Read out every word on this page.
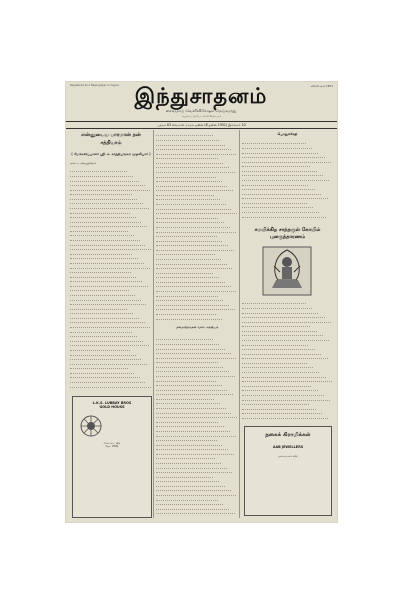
Registered as a News-paper in Ceylon இந்துசாதனம்
சைவமாய் வெளிவிசேஷம் மெய்வருது
வில்சி சதம் 1951
ஈழகைப் பிரயோ ஸாகி ஸ்தாபகம்
புத்தக 63 வைகாசி மாதம் ஜூன் (8 ஜூன் 1951) இலக்கம் 10
என்னுடைய பாரமான் தன் சத்தியாம்
( மேக்களிப்பாளர் ஸ்ரீ. க. சாந்தியங்கம் முதலியார் )
அமைப்பு தொகுத்தோம்
மனமாற்றங்கள் வளர் அந்தியம்
L.K.S. LUBBAY BROS
GOLD HOUSE
கோட்டை வீதி
தொ. 9341
பொதுச்சேதி
சமயிக்கிற சாந்தருள் கோயில் புனருத்தாரணம்
நகைக் கிராமிக்கள்
AAB JEWELLERS
தலைவாசல் வீதி
